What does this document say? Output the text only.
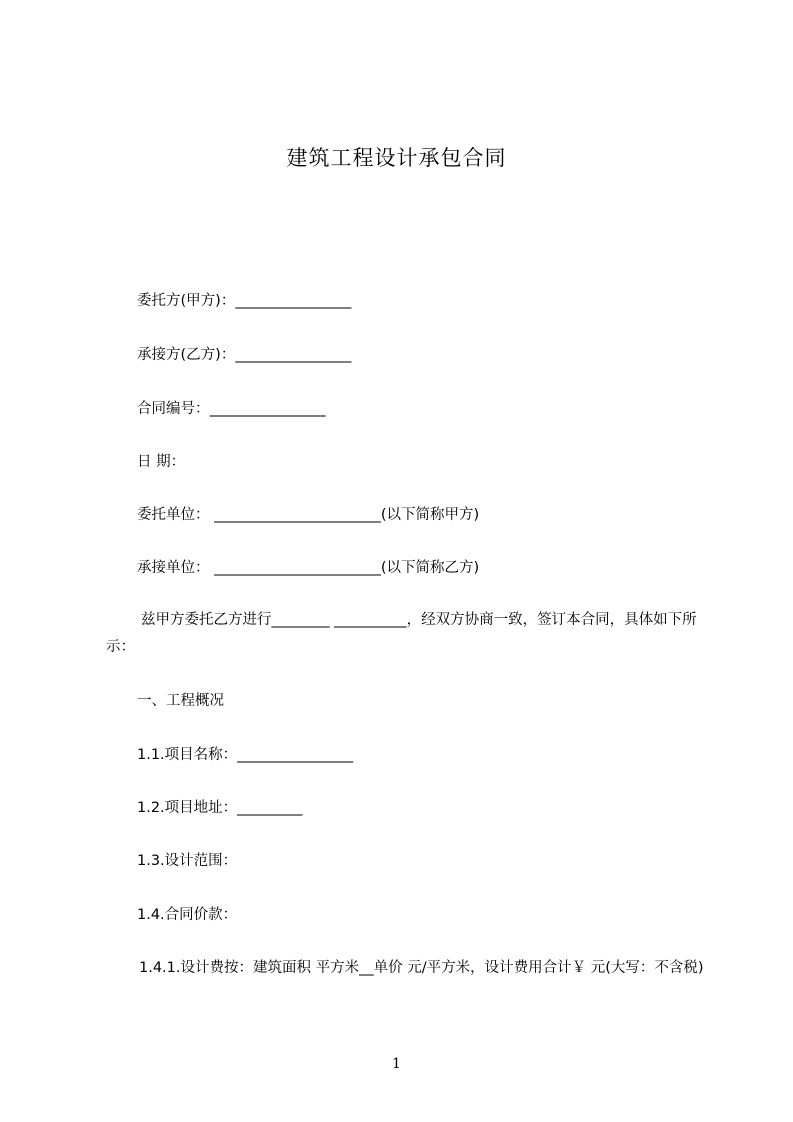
建筑工程设计承包合同
委托方(甲方)：________________
承接方(乙方)：________________
合同编号：________________
日 期：
委托单位： _______________________(以下简称甲方)
承接单位： _______________________(以下简称乙方)
兹甲方委托乙方进行________ __________，经双方协商一致，签订本合同，具体如下所示：
一、工程概况
1.1.项目名称：________________
1.2.项目地址：_________
1.3.设计范围：
1.4.合同价款：
1.4.1.设计费按：建筑面积 平方米__单价 元/平方米，设计费用合计￥ 元(大写：不含税)
1
